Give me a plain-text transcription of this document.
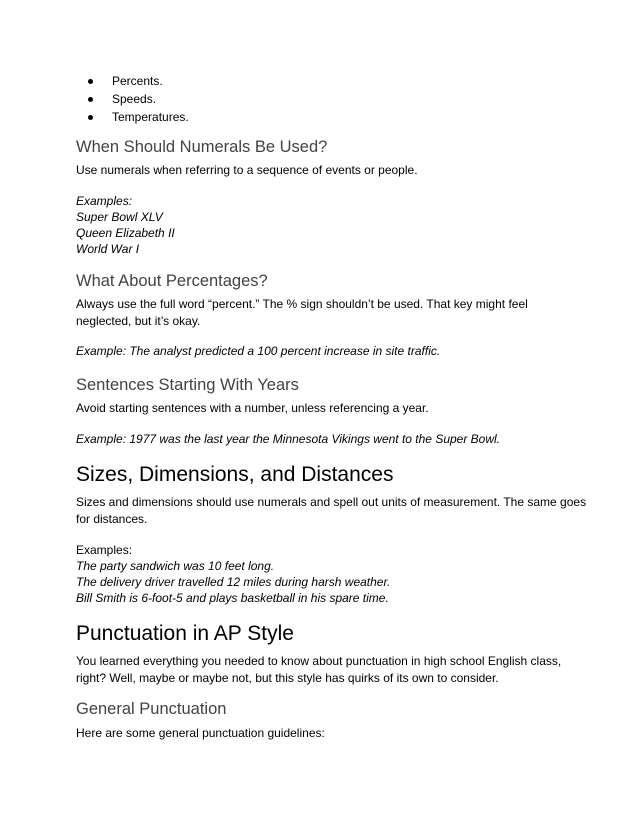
Percents.
Speeds.
Temperatures.
When Should Numerals Be Used?
Use numerals when referring to a sequence of events or people.
Examples:
Super Bowl XLV
Queen Elizabeth II
World War I
What About Percentages?
Always use the full word “percent.” The % sign shouldn’t be used. That key might feel
neglected, but it’s okay.
Example: The analyst predicted a 100 percent increase in site traffic.
Sentences Starting With Years
Avoid starting sentences with a number, unless referencing a year.
Example: 1977 was the last year the Minnesota Vikings went to the Super Bowl.
Sizes, Dimensions, and Distances
Sizes and dimensions should use numerals and spell out units of measurement. The same goes
for distances.
Examples:
The party sandwich was 10 feet long.
The delivery driver travelled 12 miles during harsh weather.
Bill Smith is 6-foot-5 and plays basketball in his spare time.
Punctuation in AP Style
You learned everything you needed to know about punctuation in high school English class,
right? Well, maybe or maybe not, but this style has quirks of its own to consider.
General Punctuation
Here are some general punctuation guidelines:
